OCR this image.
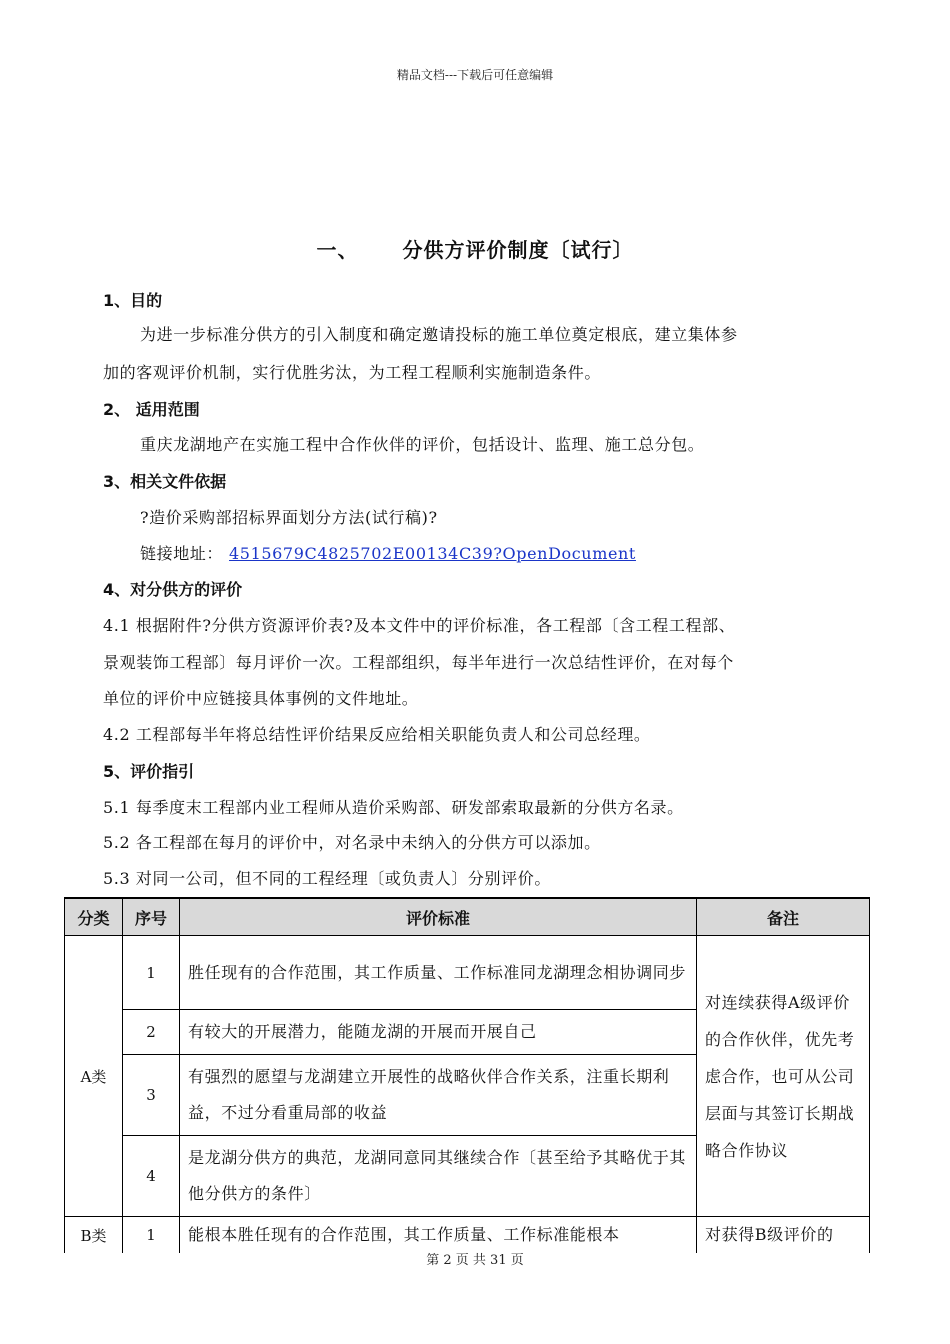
精品文档---下载后可任意编辑
一、 分供方评价制度〔试行〕
1、目的
为进一步标准分供方的引入制度和确定邀请投标的施工单位奠定根底，建立集体参
加的客观评价机制，实行优胜劣汰，为工程工程顺利实施制造条件。
2、 适用范围
重庆龙湖地产在实施工程中合作伙伴的评价，包括设计、监理、施工总分包。
3、相关文件依据
?造价采购部招标界面划分方法(试行稿)?
链接地址： 4515679C4825702E00134C39?OpenDocument
4、对分供方的评价
4.1 根据附件?分供方资源评价表?及本文件中的评价标准，各工程部〔含工程工程部、
景观装饰工程部〕每月评价一次。工程部组织，每半年进行一次总结性评价，在对每个
单位的评价中应链接具体事例的文件地址。
4.2 工程部每半年将总结性评价结果反应给相关职能负责人和公司总经理。
5、评价指引
5.1 每季度末工程部内业工程师从造价采购部、研发部索取最新的分供方名录。
5.2 各工程部在每月的评价中，对名录中未纳入的分供方可以添加。
5.3 对同一公司，但不同的工程经理〔或负责人〕分别评价。
分类	序号	评价标准	备注
A类	1	胜任现有的合作范围，其工作质量、工作标准同龙湖理念相协调同步	对连续获得A级评价的合作伙伴，优先考虑合作，也可从公司层面与其签订长期战略合作协议
	2	有较大的开展潜力，能随龙湖的开展而开展自己	
	3	有强烈的愿望与龙湖建立开展性的战略伙伴合作关系，注重长期利益，不过分看重局部的收益	
	4	是龙湖分供方的典范，龙湖同意同其继续合作〔甚至给予其略优于其他分供方的条件〕	
B类	1	能根本胜任现有的合作范围，其工作质量、工作标准能根本	对获得B级评价的
第 2 页 共 31 页
